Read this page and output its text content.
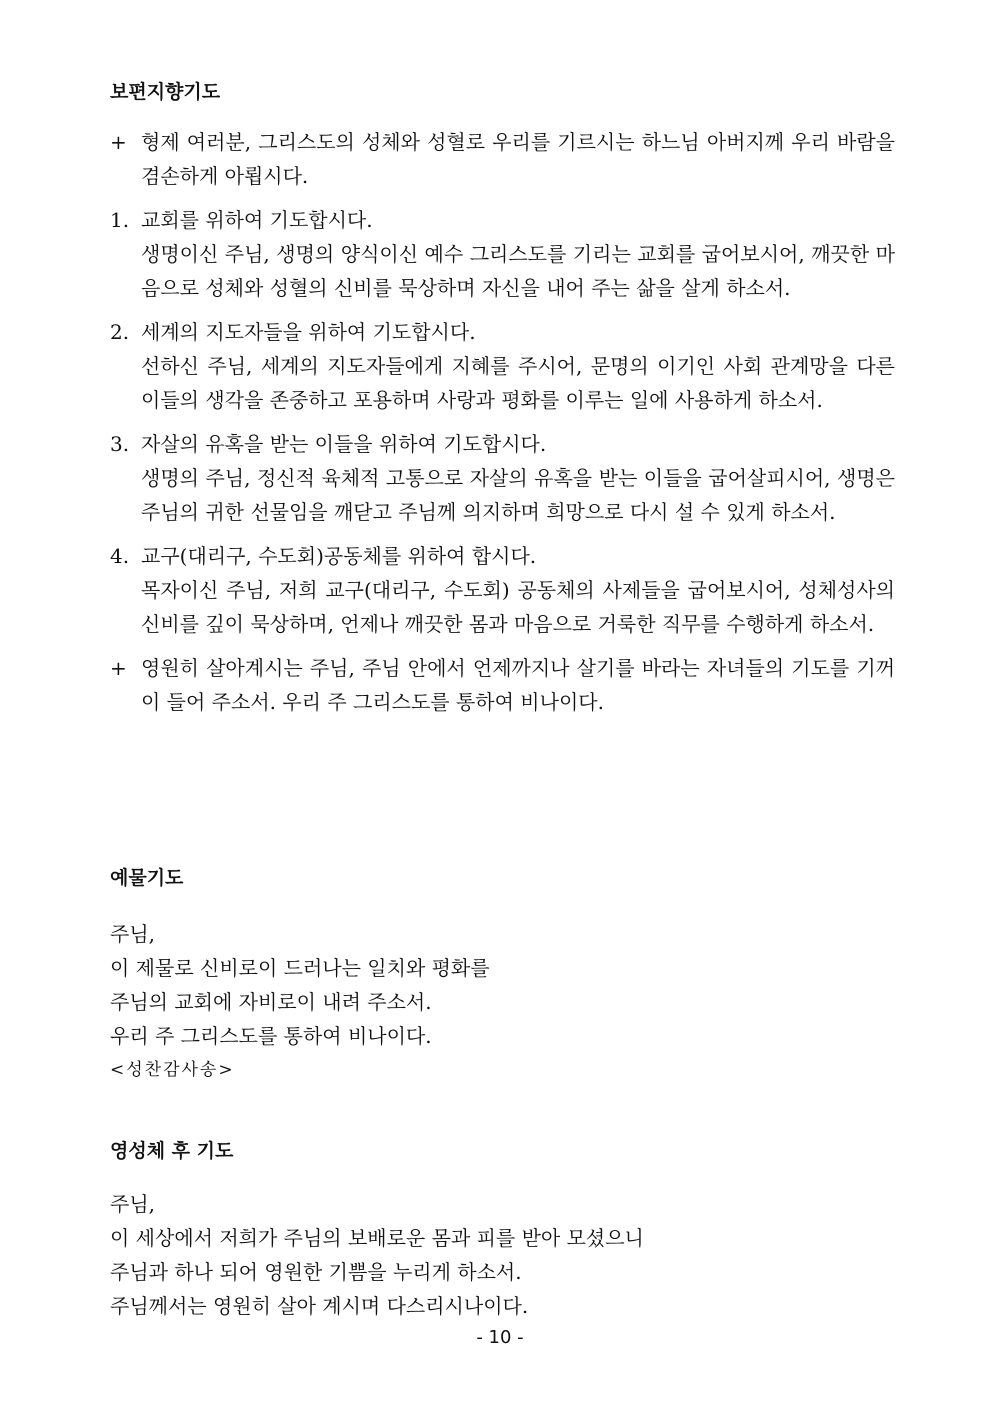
보편지향기도
+ 형제 여러분, 그리스도의 성체와 성혈로 우리를 기르시는 하느님 아버지께 우리 바람을 겸손하게 아룁시다.
1. 교회를 위하여 기도합시다.
생명이신 주님, 생명의 양식이신 예수 그리스도를 기리는 교회를 굽어보시어, 깨끗한 마음으로 성체와 성혈의 신비를 묵상하며 자신을 내어 주는 삶을 살게 하소서.
2. 세계의 지도자들을 위하여 기도합시다.
선하신 주님, 세계의 지도자들에게 지혜를 주시어, 문명의 이기인 사회 관계망을 다른 이들의 생각을 존중하고 포용하며 사랑과 평화를 이루는 일에 사용하게 하소서.
3. 자살의 유혹을 받는 이들을 위하여 기도합시다.
생명의 주님, 정신적 육체적 고통으로 자살의 유혹을 받는 이들을 굽어살피시어, 생명은 주님의 귀한 선물임을 깨닫고 주님께 의지하며 희망으로 다시 설 수 있게 하소서.
4. 교구(대리구, 수도회)공동체를 위하여 합시다.
목자이신 주님, 저희 교구(대리구, 수도회) 공동체의 사제들을 굽어보시어, 성체성사의 신비를 깊이 묵상하며, 언제나 깨끗한 몸과 마음으로 거룩한 직무를 수행하게 하소서.
+ 영원히 살아계시는 주님, 주님 안에서 언제까지나 살기를 바라는 자녀들의 기도를 기꺼이 들어 주소서. 우리 주 그리스도를 통하여 비나이다.
예물기도
주님,
이 제물로 신비로이 드러나는 일치와 평화를
주님의 교회에 자비로이 내려 주소서.
우리 주 그리스도를 통하여 비나이다.
<성찬감사송>
영성체 후 기도
주님,
이 세상에서 저희가 주님의 보배로운 몸과 피를 받아 모셨으니
주님과 하나 되어 영원한 기쁨을 누리게 하소서.
주님께서는 영원히 살아 계시며 다스리시나이다.
- 10 -
